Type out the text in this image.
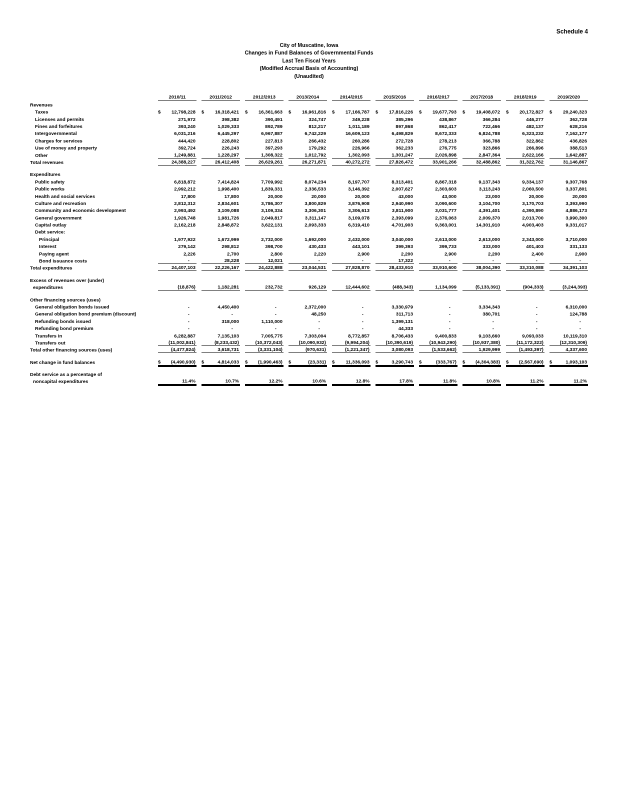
Schedule 4
City of Muscatine, Iowa
Changes in Fund Balances of Governmental Funds
Last Ten Fiscal Years
(Modified Accrual Basis of Accounting)
(Unaudited)

	2010/11	2011/2012	2012/2013	2013/2014	2014/2015	2015/2016	2016/2017	2017/2018	2018/2019	2019/2020

Revenues										
Taxes	$ 12,798,228	$ 16,318,421	$ 16,361,663	$ 16,961,816	$ 17,166,787	$ 17,816,226	$ 19,677,793	$ 19,408,072	$ 20,172,827	$ 20,240,323

Licenses and permits	271,972	398,382	390,491	324,747	349,228	385,296	438,867	366,284	446,277	362,728

Fines and forfeitures	393,240	1,029,333	892,789	812,217	1,011,189	897,868	862,417	722,466	482,137	628,216

Intergovernmental	6,031,216	6,445,297	6,967,887	6,742,229	16,609,123	6,498,829	8,672,333	6,824,788	6,323,232	7,162,177

Charges for services	444,420	228,802	227,813	266,432	260,286	272,728	278,213	366,788	322,862	436,826

Use of money and property	392,724	226,243	397,293	179,292	226,966	362,233	276,775	323,866	266,896	388,513

Other	1,249,881	1,228,297	1,308,322	1,012,792	1,302,093	1,301,247	2,026,898	2,847,364	2,622,166	1,642,887

Total revenues	24,388,227	26,412,408	26,629,261	26,271,871	40,272,272	27,826,472	33,901,266	32,488,862	31,322,762	31,146,867

Expenditures										
Public safety	6,818,872	7,414,824	7,709,992	8,074,234	8,197,707	8,313,401	8,867,318	9,137,343	9,334,137	9,307,768

Public works	2,992,212	1,998,400	1,839,331	2,336,533	3,146,392	2,007,627	2,303,603	3,113,243	2,060,500	3,337,801

Health and social services	17,800	17,800	20,000	20,000	20,000	43,000	43,000	23,000	20,000	20,000

Culture and recreation	2,812,312	2,834,601	3,786,307	3,800,829	3,876,908	2,940,990	3,090,600	3,104,700	3,170,703	3,393,990

Community and economic development	2,993,492	3,109,088	3,109,334	3,306,301	3,306,613	3,811,900	3,031,777	4,391,401	4,390,890	4,886,173

General government	1,926,748	1,981,726	2,049,817	3,311,147	3,109,078	2,393,099	2,376,063	2,009,370	2,013,700	3,990,300

Capital outlay	2,162,218	2,848,872	3,622,131	2,093,333	6,319,410	4,701,903	9,363,001	14,301,910	4,903,403	9,331,017

Debt service:										
Principal	1,977,922	1,672,999	2,732,000	1,692,000	2,432,000	3,040,000	2,613,000	2,613,000	2,343,000	3,710,000

Interest	279,142	298,812	398,700	430,433	443,101	399,393	399,733	333,000	401,403	331,133

Paying agent	2,226	2,700	2,800	2,220	2,900	2,200	2,900	2,200	2,400	2,900

Bond issuance costs	-	28,228	12,021	-	-	17,322	-	-	-	-

Total expenditures	24,407,103	22,226,167	24,422,888	23,044,531	27,828,870	28,433,910	33,910,600	38,004,390	33,310,088	34,391,103

Excess of revenues over (under)										
expenditures	(18,876)	1,182,281	232,732	926,129	12,444,602	(488,343)	1,134,099	(5,133,391)	(904,333)	(3,244,393)

Other financing sources (uses)										
General obligation bonds issued	-	4,450,400	-	2,372,000	-	3,330,979	-	3,334,343	-	6,310,000

General obligation bond premium (discount)	-	-	-	48,250	-	311,713	-	380,701	-	124,788

Refunding bonds issued	-	318,000	1,110,000	-	-	1,399,131	-	-	-	-

Refunding bond premium	-	-	-	-	-	44,333	-	-	-	-

Transfers in	6,282,887	7,135,103	7,005,775	7,303,004	8,772,857	8,706,433	9,400,833	9,103,660	9,093,033	10,119,310

Transfers out	(11,002,841)	(8,233,432)	(10,372,043)	(10,090,932)	(9,994,204)	(10,390,619)	(10,943,290)	(10,937,380)	(11,172,322)	(12,310,309)

Total other financing sources (uses)	(4,477,824)	3,618,731	(3,331,104)	(970,631)	(1,221,347)	3,080,093	(1,533,662)	1,929,999	(1,493,397)	4,337,600

Net change in fund balances	$ (4,490,930)	$ 4,814,033	$ (1,990,463)	$ (23,331)	$ 11,336,093	$ 3,290,743	$ (333,767)	$ (4,304,383)	$ (2,567,690)	$ 1,093,103

Debt service as a percentage of										
noncapital expenditures	11.4%	10.7%	12.2%	10.6%	12.8%	17.8%	11.8%	10.8%	11.2%	11.2%
